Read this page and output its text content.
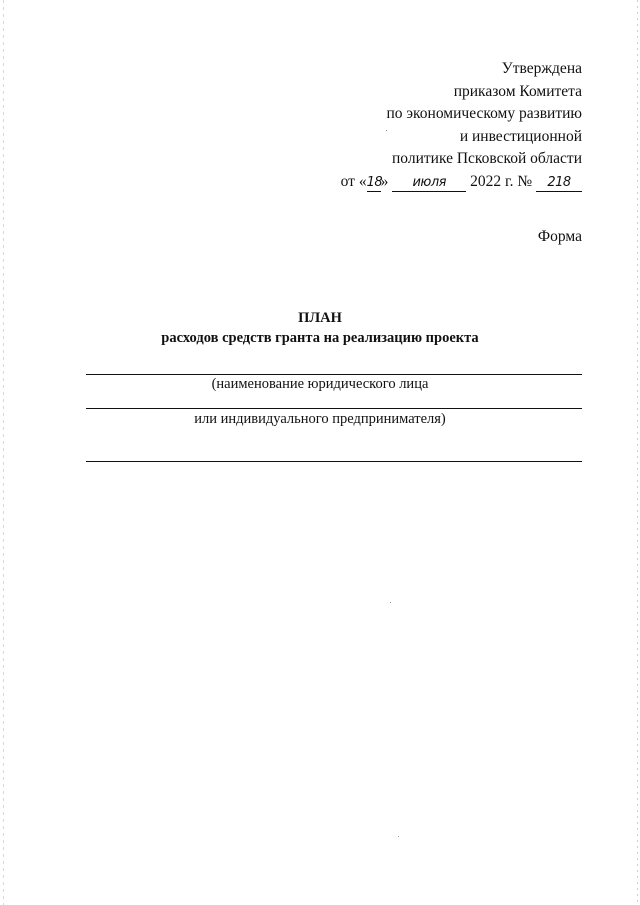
Утверждена
приказом Комитета
по экономическому развитию
и инвестиционной
политике Псковской области
от «18» июля 2022 г. № 218
Форма
ПЛАН
расходов средств гранта на реализацию проекта
(наименование юридического лица
или индивидуального предпринимателя)
